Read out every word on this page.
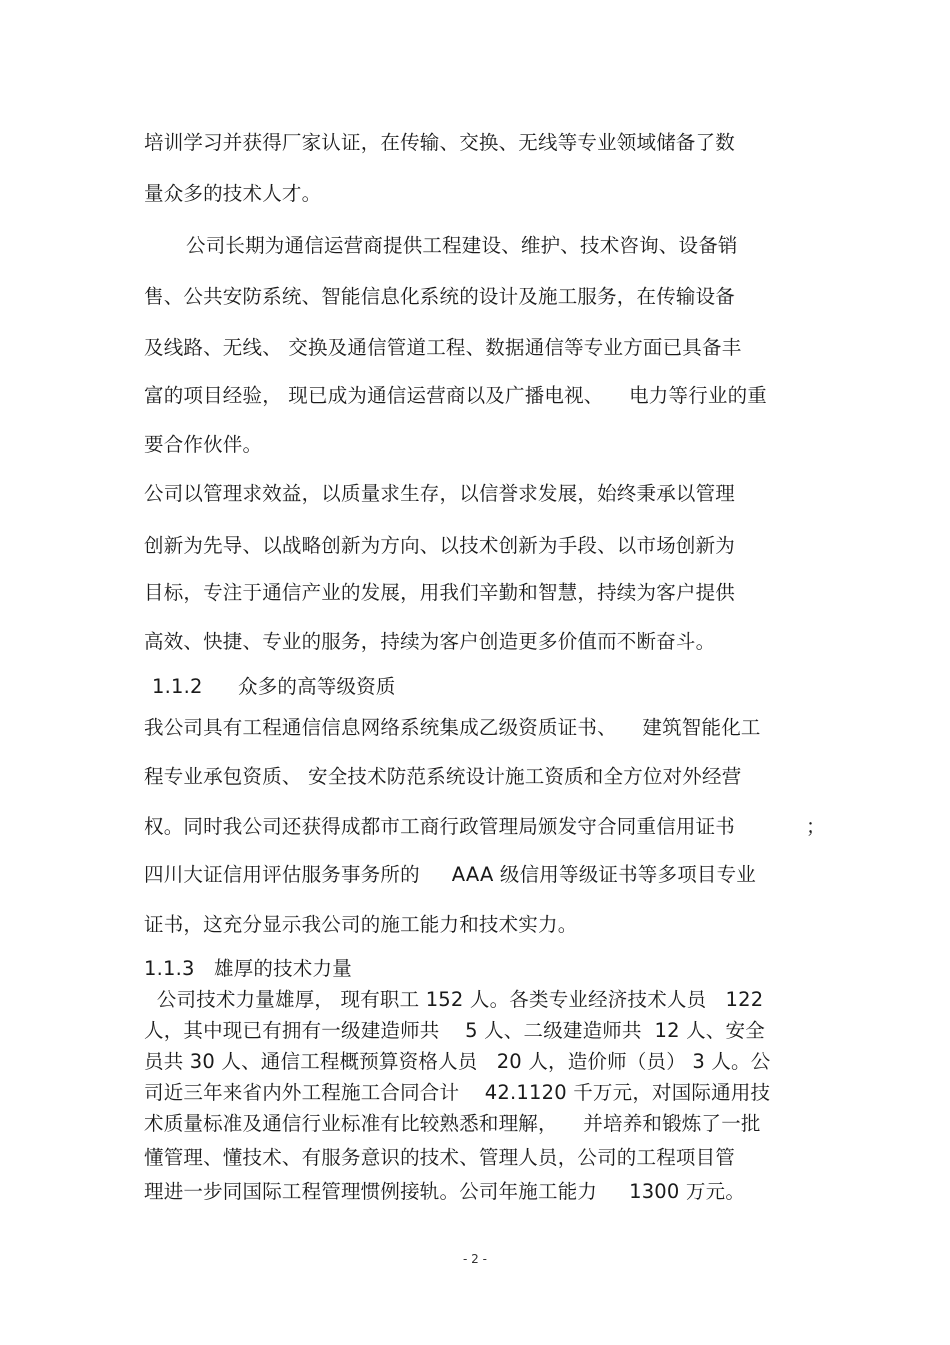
培训学习并获得厂家认证，在传输、交换、无线等专业领域储备了数
量众多的技术人才。
公司长期为通信运营商提供工程建设、维护、技术咨询、设备销
售、公共安防系统、智能信息化系统的设计及施工服务，在传输设备
及线路、无线、 交换及通信管道工程、数据通信等专业方面已具备丰
富的项目经验， 现已成为通信运营商以及广播电视、    电力等行业的重
要合作伙伴。
公司以管理求效益，以质量求生存，以信誉求发展，始终秉承以管理
创新为先导、以战略创新为方向、以技术创新为手段、以市场创新为
目标，专注于通信产业的发展，用我们辛勤和智慧，持续为客户提供
高效、快捷、专业的服务，持续为客户创造更多价值而不断奋斗。
1.1.2 众多的高等级资质
我公司具有工程通信信息网络系统集成乙级资质证书、    建筑智能化工
程专业承包资质、 安全技术防范系统设计施工资质和全方位对外经营
权。同时我公司还获得成都市工商行政管理局颁发守合同重信用证书	；
四川大证信用评估服务事务所的     AAA 级信用等级证书等多项目专业
证书，这充分显示我公司的施工能力和技术实力。
1.1.3 雄厚的技术力量
公司技术力量雄厚， 现有职工 152 人。各类专业经济技术人员   122
人，其中现已有拥有一级建造师共    5 人、二级建造师共  12 人、安全
员共 30 人、通信工程概预算资格人员   20 人，造价师（员） 3 人。公
司近三年来省内外工程施工合同合计    42.1120 千万元，对国际通用技
术质量标准及通信行业标准有比较熟悉和理解，    并培养和锻炼了一批
懂管理、懂技术、有服务意识的技术、管理人员，公司的工程项目管
理进一步同国际工程管理惯例接轨。公司年施工能力     1300 万元。
- 2 -
